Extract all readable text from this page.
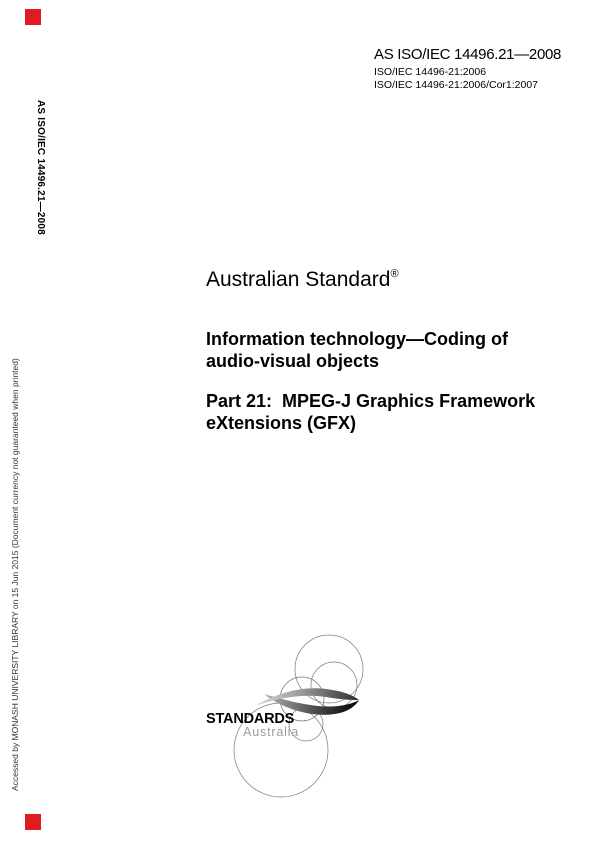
AS ISO/IEC 14496.21—2008
ISO/IEC 14496-21:2006
ISO/IEC 14496-21:2006/Cor1:2007
AS ISO/IEC 14496.21—2008
Accessed by MONASH UNIVERSITY LIBRARY on 15 Jun 2015 (Document currency not guaranteed when printed)
Australian Standard®
Information technology—Coding of
audio-visual objects
Part 21:  MPEG-J Graphics Framework
eXtensions (GFX)
STANDARDS
Australia
